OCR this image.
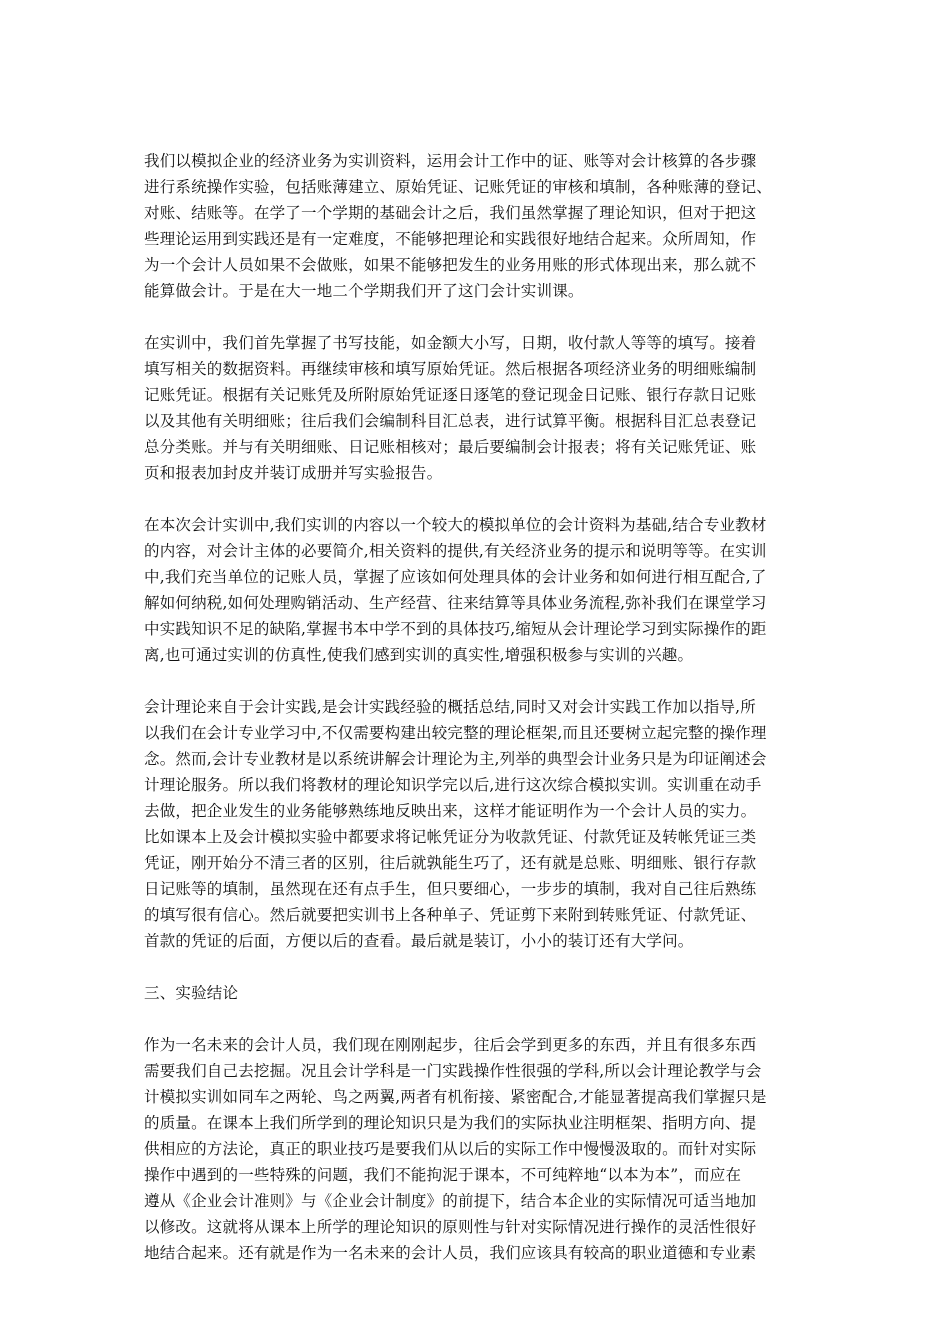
我们以模拟企业的经济业务为实训资料，运用会计工作中的证、账等对会计核算的各步骤
进行系统操作实验，包括账薄建立、原始凭证、记账凭证的审核和填制，各种账薄的登记、
对账、结账等。在学了一个学期的基础会计之后，我们虽然掌握了理论知识，但对于把这
些理论运用到实践还是有一定难度，不能够把理论和实践很好地结合起来。众所周知，作
为一个会计人员如果不会做账，如果不能够把发生的业务用账的形式体现出来，那么就不
能算做会计。于是在大一地二个学期我们开了这门会计实训课。
在实训中，我们首先掌握了书写技能，如金额大小写，日期，收付款人等等的填写。接着
填写相关的数据资料。再继续审核和填写原始凭证。然后根据各项经济业务的明细账编制
记账凭证。根据有关记账凭及所附原始凭证逐日逐笔的登记现金日记账、银行存款日记账
以及其他有关明细账；往后我们会编制科目汇总表，进行试算平衡。根据科目汇总表登记
总分类账。并与有关明细账、日记账相核对；最后要编制会计报表；将有关记账凭证、账
页和报表加封皮并装订成册并写实验报告。
在本次会计实训中,我们实训的内容以一个较大的模拟单位的会计资料为基础,结合专业教材
的内容，对会计主体的必要简介,相关资料的提供,有关经济业务的提示和说明等等。在实训
中,我们充当单位的记账人员，掌握了应该如何处理具体的会计业务和如何进行相互配合,了
解如何纳税,如何处理购销活动、生产经营、往来结算等具体业务流程,弥补我们在课堂学习
中实践知识不足的缺陷,掌握书本中学不到的具体技巧,缩短从会计理论学习到实际操作的距
离,也可通过实训的仿真性,使我们感到实训的真实性,增强积极参与实训的兴趣。
会计理论来自于会计实践,是会计实践经验的概括总结,同时又对会计实践工作加以指导,所
以我们在会计专业学习中,不仅需要构建出较完整的理论框架,而且还要树立起完整的操作理
念。然而,会计专业教材是以系统讲解会计理论为主,列举的典型会计业务只是为印证阐述会
计理论服务。所以我们将教材的理论知识学完以后,进行这次综合模拟实训。实训重在动手
去做，把企业发生的业务能够熟练地反映出来，这样才能证明作为一个会计人员的实力。
比如课本上及会计模拟实验中都要求将记帐凭证分为收款凭证、付款凭证及转帐凭证三类
凭证，刚开始分不清三者的区别，往后就孰能生巧了，还有就是总账、明细账、银行存款
日记账等的填制，虽然现在还有点手生，但只要细心，一步步的填制，我对自己往后熟练
的填写很有信心。然后就要把实训书上各种单子、凭证剪下来附到转账凭证、付款凭证、
首款的凭证的后面，方便以后的查看。最后就是装订，小小的装订还有大学问。
三、实验结论
作为一名未来的会计人员，我们现在刚刚起步，往后会学到更多的东西，并且有很多东西
需要我们自己去挖掘。况且会计学科是一门实践操作性很强的学科,所以会计理论教学与会
计模拟实训如同车之两轮、鸟之两翼,两者有机衔接、紧密配合,才能显著提高我们掌握只是
的质量。在课本上我们所学到的理论知识只是为我们的实际执业注明框架、指明方向、提
供相应的方法论，真正的职业技巧是要我们从以后的实际工作中慢慢汲取的。而针对实际
操作中遇到的一些特殊的问题，我们不能拘泥于课本，不可纯粹地“以本为本”，而应在
遵从《企业会计准则》与《企业会计制度》的前提下，结合本企业的实际情况可适当地加
以修改。这就将从课本上所学的理论知识的原则性与针对实际情况进行操作的灵活性很好
地结合起来。还有就是作为一名未来的会计人员，我们应该具有较高的职业道德和专业素
